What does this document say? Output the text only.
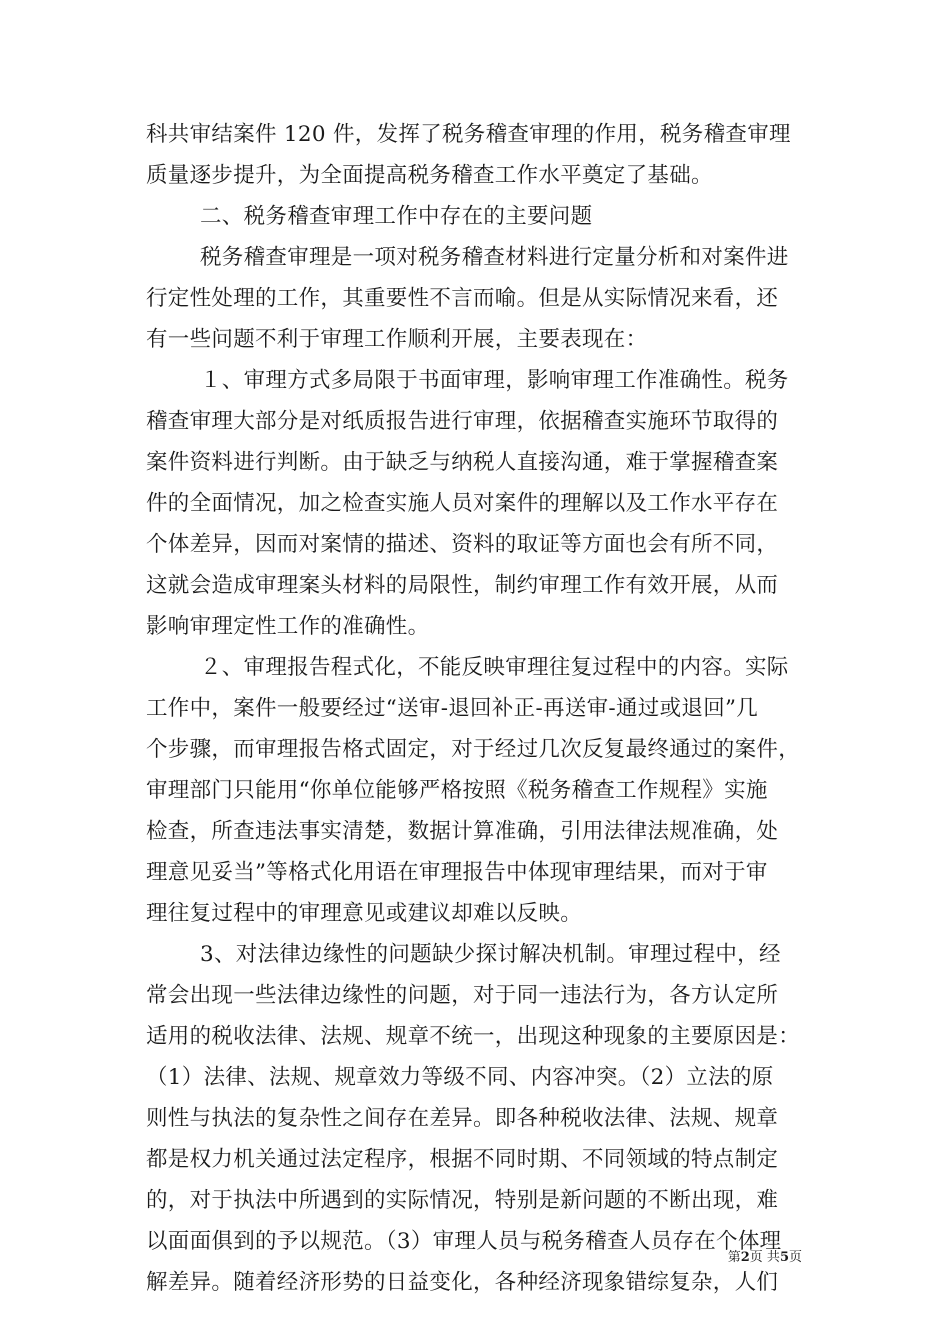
科共审结案件 120 件，发挥了税务稽查审理的作用，税务稽查审理
质量逐步提升，为全面提高税务稽查工作水平奠定了基础。
二、税务稽查审理工作中存在的主要问题
税务稽查审理是一项对税务稽查材料进行定量分析和对案件进
行定性处理的工作，其重要性不言而喻。但是从实际情况来看，还
有一些问题不利于审理工作顺利开展，主要表现在：
１、审理方式多局限于书面审理，影响审理工作准确性。税务
稽查审理大部分是对纸质报告进行审理，依据稽查实施环节取得的
案件资料进行判断。由于缺乏与纳税人直接沟通，难于掌握稽查案
件的全面情况，加之检查实施人员对案件的理解以及工作水平存在
个体差异，因而对案情的描述、资料的取证等方面也会有所不同，
这就会造成审理案头材料的局限性，制约审理工作有效开展，从而
影响审理定性工作的准确性。
２、审理报告程式化，不能反映审理往复过程中的内容。实际
工作中，案件一般要经过“送审-退回补正-再送审-通过或退回”几
个步骤，而审理报告格式固定，对于经过几次反复最终通过的案件，
审理部门只能用“你单位能够严格按照《税务稽查工作规程》实施
检查，所查违法事实清楚，数据计算准确，引用法律法规准确，处
理意见妥当”等格式化用语在审理报告中体现审理结果，而对于审
理往复过程中的审理意见或建议却难以反映。
3、对法律边缘性的问题缺少探讨解决机制。审理过程中，经
常会出现一些法律边缘性的问题，对于同一违法行为，各方认定所
适用的税收法律、法规、规章不统一，出现这种现象的主要原因是：
（1）法律、法规、规章效力等级不同、内容冲突。（2）立法的原
则性与执法的复杂性之间存在差异。即各种税收法律、法规、规章
都是权力机关通过法定程序，根据不同时期、不同领域的特点制定
的，对于执法中所遇到的实际情况，特别是新问题的不断出现，难
以面面俱到的予以规范。（3）审理人员与税务稽查人员存在个体理
解差异。随着经济形势的日益变化，各种经济现象错综复杂，人们
第2页 共5页
